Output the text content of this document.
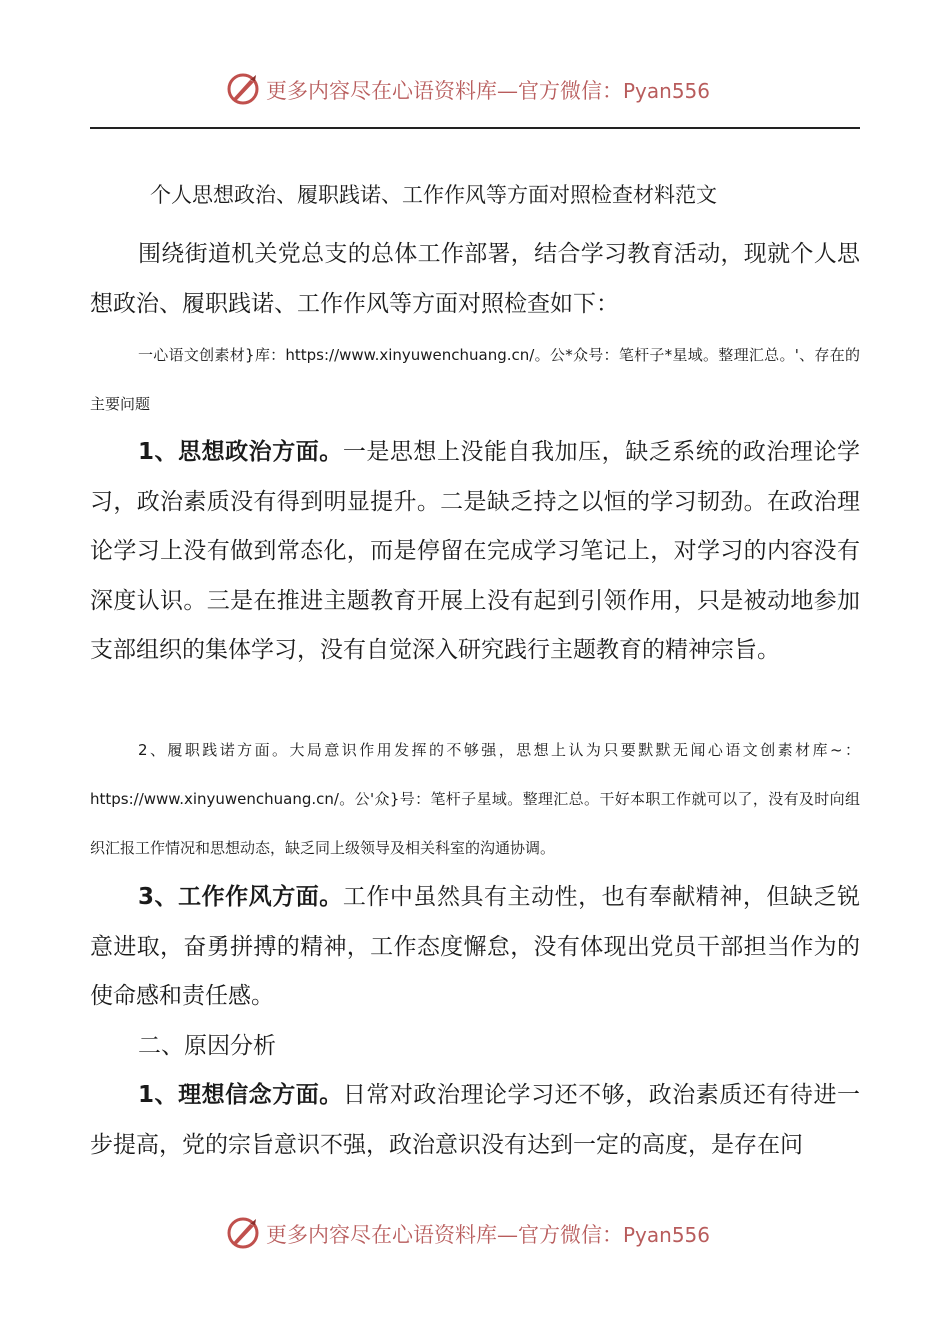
更多内容尽在心语资料库—官方微信：Pyan556
个人思想政治、履职践诺、工作作风等方面对照检查材料范文

围绕街道机关党总支的总体工作部署，结合学习教育活动，现就个人思想政治、履职践诺、工作作风等方面对照检查如下：

一心语文创素材}库：https://www.xinyuwenchuang.cn/。公*众号：笔杆子*星域。整理汇总。'、存在的主要问题

1、思想政治方面。一是思想上没能自我加压，缺乏系统的政治理论学习，政治素质没有得到明显提升。二是缺乏持之以恒的学习韧劲。在政治理论学习上没有做到常态化，而是停留在完成学习笔记上，对学习的内容没有深度认识。三是在推进主题教育开展上没有起到引领作用，只是被动地参加支部组织的集体学习，没有自觉深入研究践行主题教育的精神宗旨。

2、履职践诺方面。大局意识作用发挥的不够强，思想上认为只要默默无闻心语文创素材库~：https://www.xinyuwenchuang.cn/。公'众}号：笔杆子星域。整理汇总。干好本职工作就可以了，没有及时向组织汇报工作情况和思想动态，缺乏同上级领导及相关科室的沟通协调。

3、工作作风方面。工作中虽然具有主动性，也有奉献精神，但缺乏锐意进取，奋勇拼搏的精神，工作态度懈怠，没有体现出党员干部担当作为的使命感和责任感。

二、原因分析

1、理想信念方面。日常对政治理论学习还不够，政治素质还有待进一步提高，党的宗旨意识不强，政治意识没有达到一定的高度，是存在问

更多内容尽在心语资料库—官方微信：Pyan556
